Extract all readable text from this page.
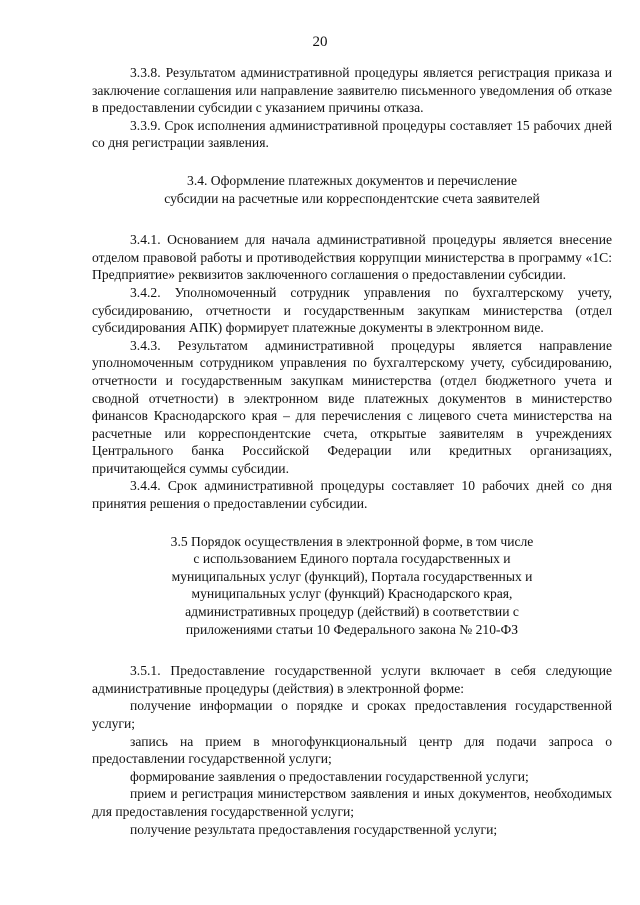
20

3.3.8. Результатом административной процедуры является регистрация приказа и заключение соглашения или направление заявителю письменного уведомления об отказе в предоставлении субсидии с указанием причины отказа.

3.3.9. Срок исполнения административной процедуры составляет 15 рабочих дней со дня регистрации заявления.

3.4. Оформление платежных документов и перечисление
субсидии на расчетные или корреспондентские счета заявителей

3.4.1. Основанием для начала административной процедуры является внесение отделом правовой работы и противодействия коррупции министерства в программу «1С: Предприятие» реквизитов заключенного соглашения о предоставлении субсидии.

3.4.2. Уполномоченный сотрудник управления по бухгалтерскому учету, субсидированию, отчетности и государственным закупкам министерства (отдел субсидирования АПК) формирует платежные документы в электронном виде.

3.4.3. Результатом административной процедуры является направление уполномоченным сотрудником управления по бухгалтерскому учету, субсидированию, отчетности и государственным закупкам министерства (отдел бюджетного учета и сводной отчетности) в электронном виде платежных документов в министерство финансов Краснодарского края – для перечисления с лицевого счета министерства на расчетные или корреспондентские счета, открытые заявителям в учреждениях Центрального банка Российской Федерации или кредитных организациях, причитающейся суммы субсидии.

3.4.4. Срок административной процедуры составляет 10 рабочих дней со дня принятия решения о предоставлении субсидии.

3.5 Порядок осуществления в электронной форме, в том числе
с использованием Единого портала государственных и
муниципальных услуг (функций), Портала государственных и
муниципальных услуг (функций) Краснодарского края,
административных процедур (действий) в соответствии с
приложениями статьи 10 Федерального закона № 210-ФЗ

3.5.1. Предоставление государственной услуги включает в себя следующие административные процедуры (действия) в электронной форме:

получение информации о порядке и сроках предоставления государственной услуги;

запись на прием в многофункциональный центр для подачи запроса о предоставлении государственной услуги;

формирование заявления о предоставлении государственной услуги;

прием и регистрация министерством заявления и иных документов, необходимых для предоставления государственной услуги;

получение результата предоставления государственной услуги;
